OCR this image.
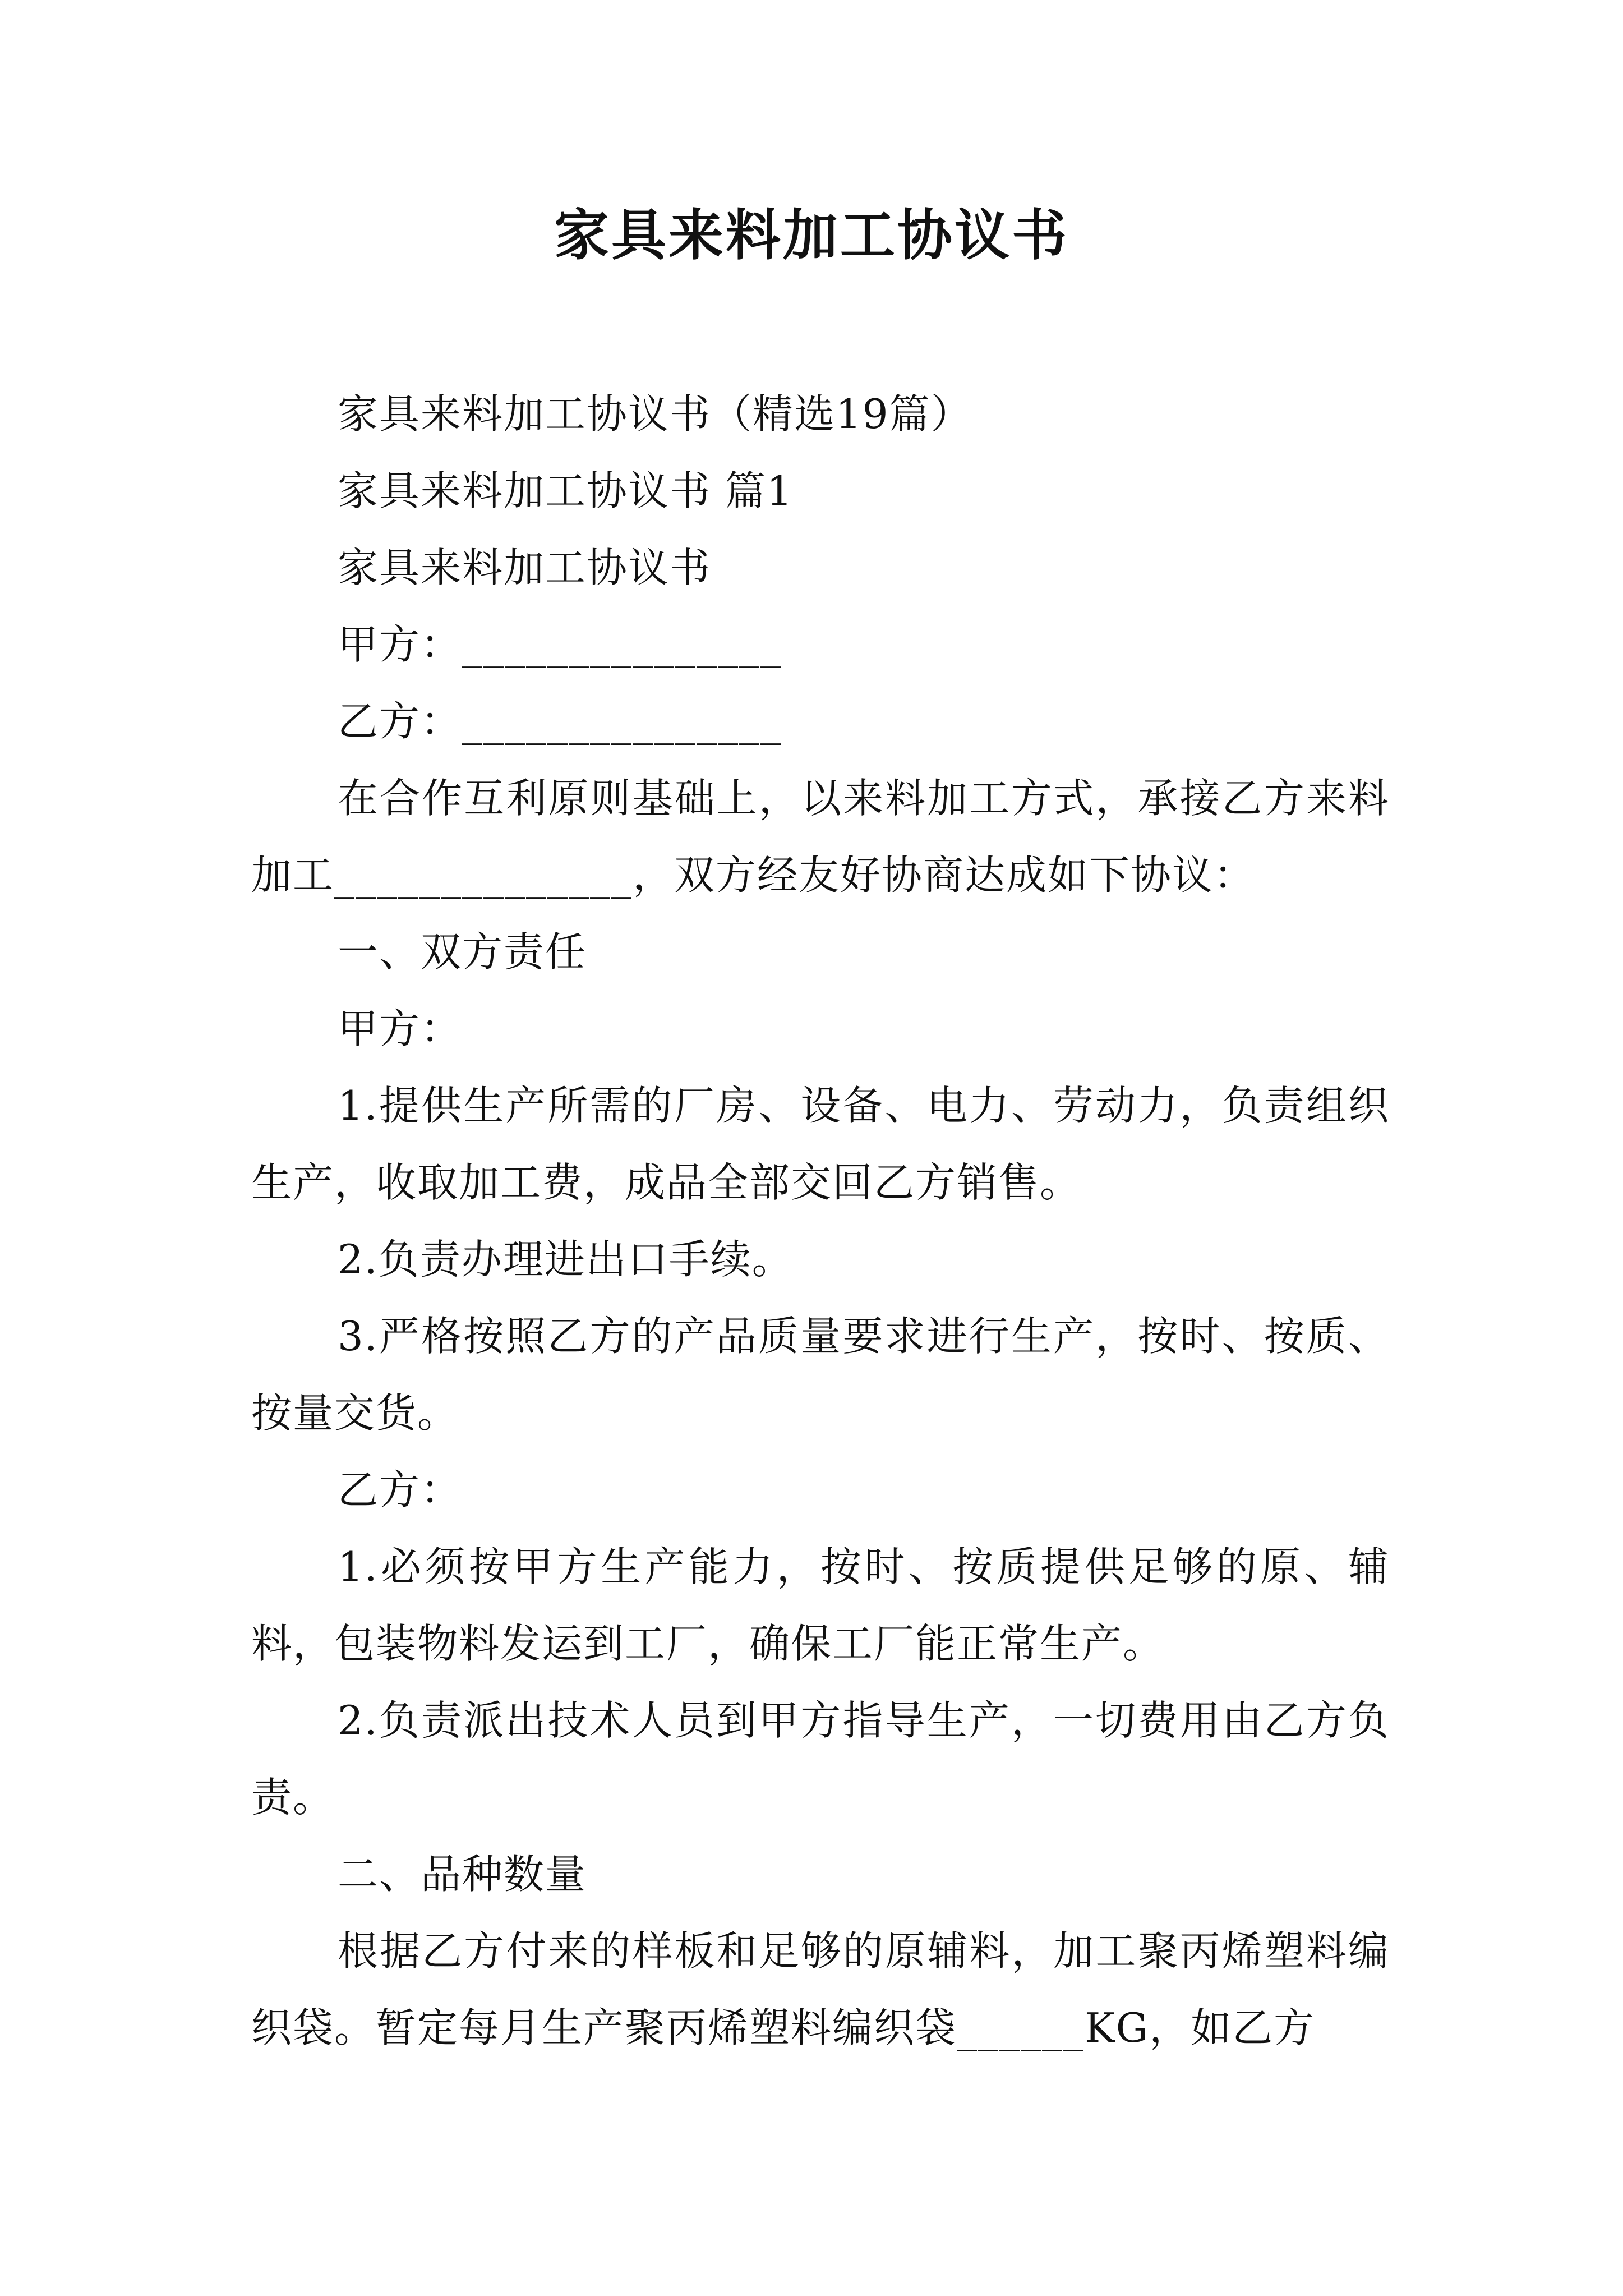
家具来料加工协议书

家具来料加工协议书（精选19篇）

家具来料加工协议书 篇1

家具来料加工协议书

甲方：_______________

乙方：_______________

在合作互利原则基础上，以来料加工方式，承接乙方来料加工______________，双方经友好协商达成如下协议：

一、双方责任

甲方：

1.提供生产所需的厂房、设备、电力、劳动力，负责组织生产，收取加工费，成品全部交回乙方销售。

2.负责办理进出口手续。

3.严格按照乙方的产品质量要求进行生产，按时、按质、按量交货。

乙方：

1.必须按甲方生产能力，按时、按质提供足够的原、辅料，包装物料发运到工厂，确保工厂能正常生产。

2.负责派出技术人员到甲方指导生产，一切费用由乙方负责。

二、品种数量

根据乙方付来的样板和足够的原辅料，加工聚丙烯塑料编织袋。暂定每月生产聚丙烯塑料编织袋______KG，如乙方
